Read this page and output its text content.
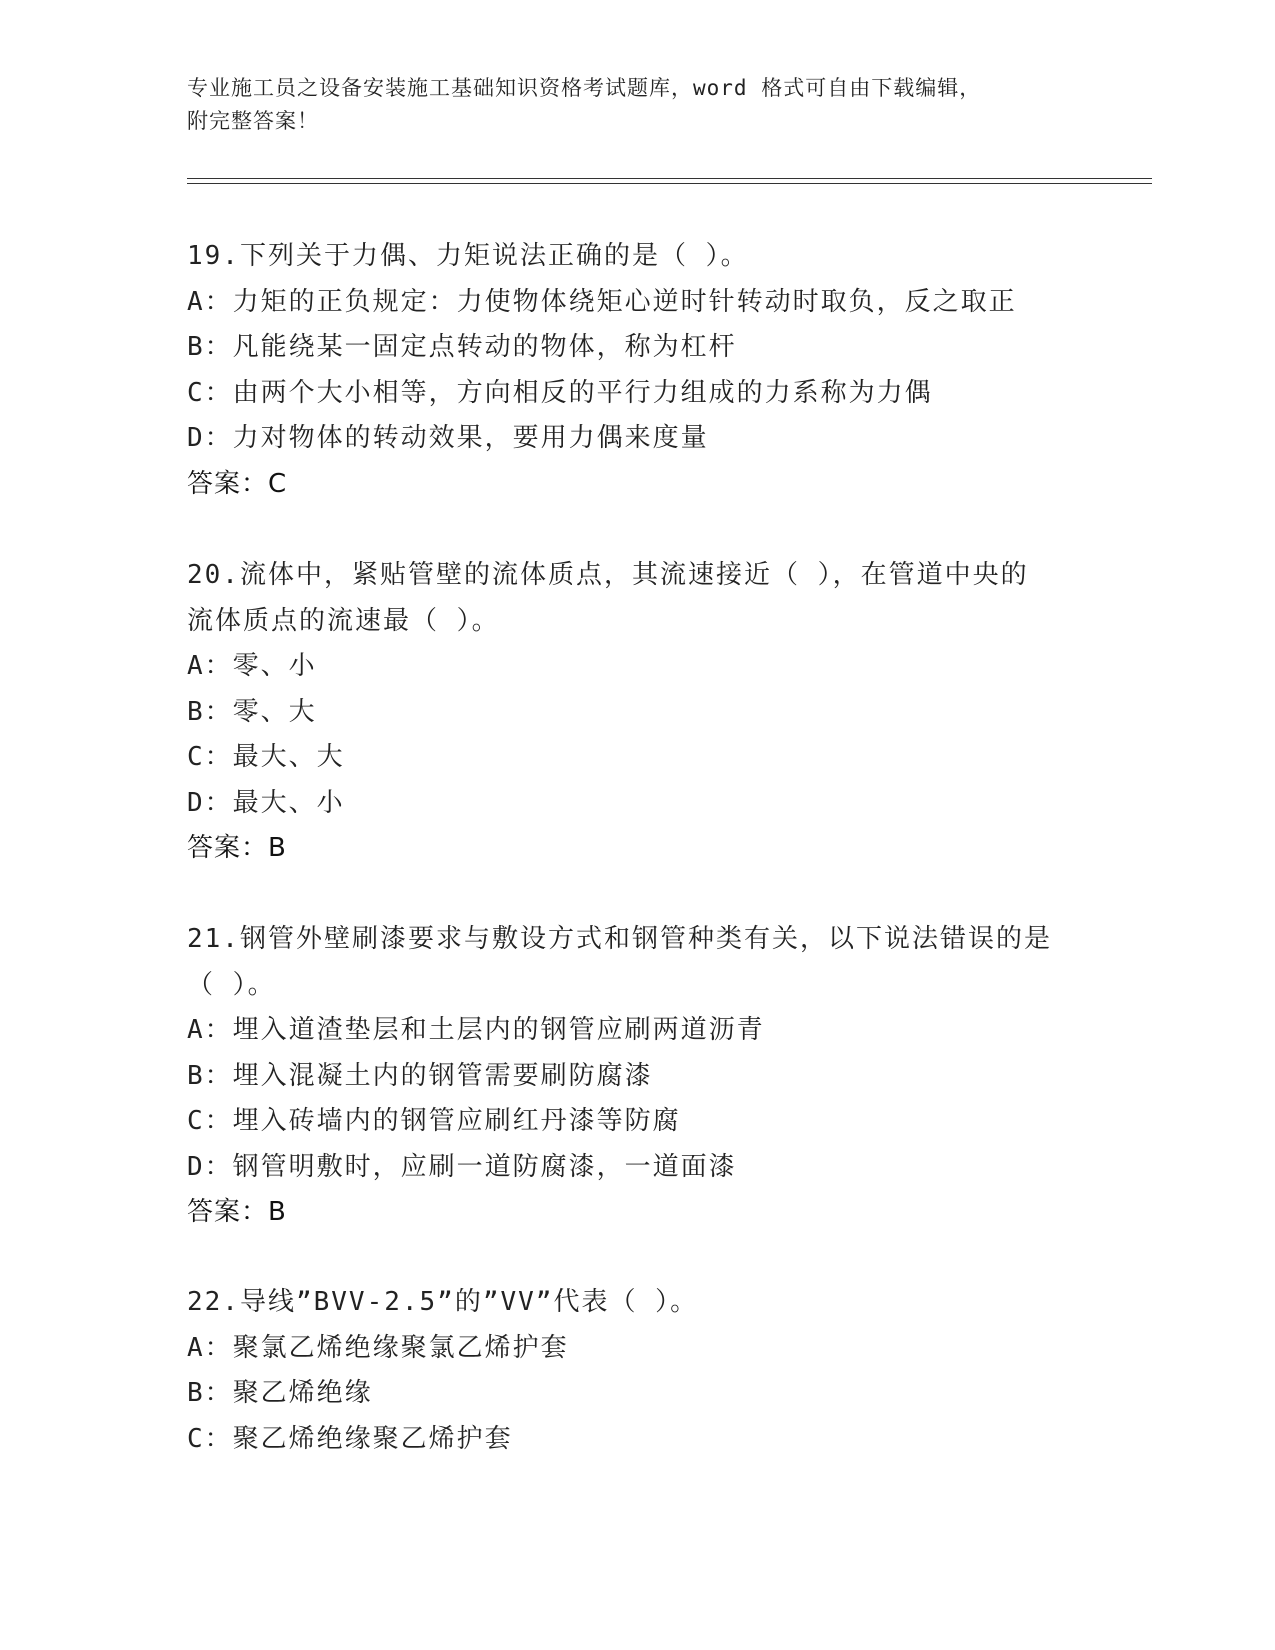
专业施工员之设备安装施工基础知识资格考试题库，word 格式可自由下载编辑，
附完整答案！
19.下列关于力偶、力矩说法正确的是（ ）。
A：力矩的正负规定：力使物体绕矩心逆时针转动时取负，反之取正
B：凡能绕某一固定点转动的物体，称为杠杆
C：由两个大小相等，方向相反的平行力组成的力系称为力偶
D：力对物体的转动效果，要用力偶来度量
答案：C
20.流体中，紧贴管壁的流体质点，其流速接近（ ），在管道中央的
流体质点的流速最（ ）。
A：零、小
B：零、大
C：最大、大
D：最大、小
答案：B
21.钢管外壁刷漆要求与敷设方式和钢管种类有关，以下说法错误的是
（ ）。
A：埋入道渣垫层和土层内的钢管应刷两道沥青
B：埋入混凝土内的钢管需要刷防腐漆
C：埋入砖墙内的钢管应刷红丹漆等防腐
D：钢管明敷时，应刷一道防腐漆，一道面漆
答案：B
22.导线”BVV-2.5”的”VV”代表（ ）。
A：聚氯乙烯绝缘聚氯乙烯护套
B：聚乙烯绝缘
C：聚乙烯绝缘聚乙烯护套
